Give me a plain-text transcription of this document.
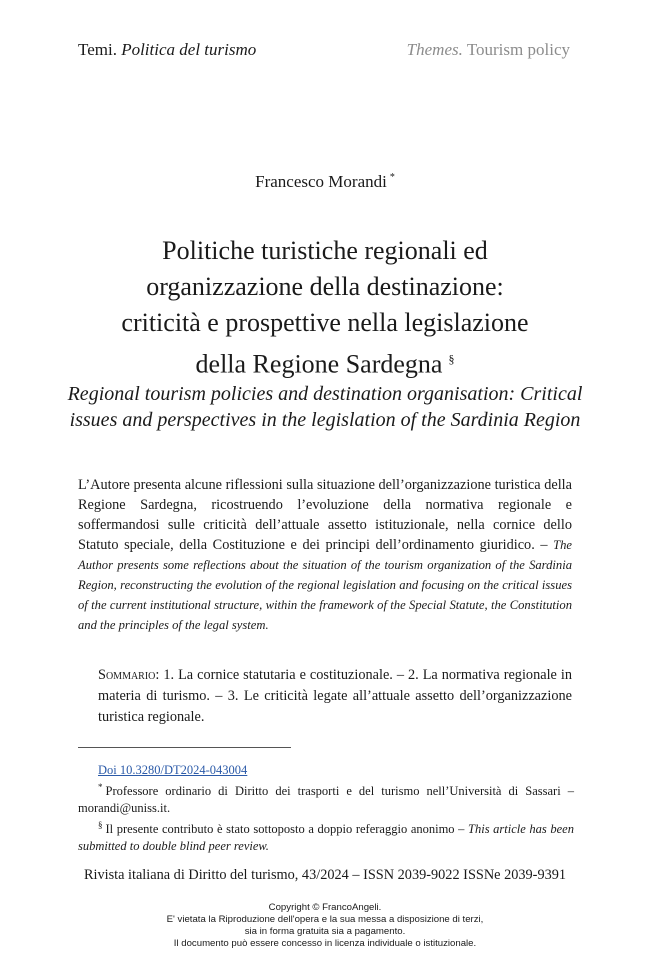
Temi. Politica del turismo	Themes. Tourism policy
Francesco Morandi *
Politiche turistiche regionali ed
organizzazione della destinazione:
criticità e prospettive nella legislazione
della Regione Sardegna §
Regional tourism policies and destination organisation: Critical
issues and perspectives in the legislation of the Sardinia Region
L’Autore presenta alcune riflessioni sulla situazione dell’organizzazione turistica della Regione Sardegna, ricostruendo l’evoluzione della normativa regionale e soffermandosi sulle criticità dell’attuale assetto istituzionale, nella cornice dello Statuto speciale, della Costituzione e dei principi dell’ordinamento giuridico. – The Author presents some reflections about the situation of the tourism organization of the Sardinia Region, reconstructing the evolution of the regional legislation and focusing on the critical issues of the current institutional structure, within the framework of the Special Statute, the Constitution and the principles of the legal system.
Sommario: 1. La cornice statutaria e costituzionale. – 2. La normativa regionale in materia di turismo. – 3. Le criticità legate all’attuale assetto dell’organizzazione turistica regionale.
Doi 10.3280/DT2024-043004

* Professore ordinario di Diritto dei trasporti e del turismo nell’Università di Sassari – morandi@uniss.it.

§ Il presente contributo è stato sottoposto a doppio referaggio anonimo – This article has been submitted to double blind peer review.

Rivista italiana di Diritto del turismo, 43/2024 – ISSN 2039-9022 ISSNe 2039-9391
Copyright © FrancoAngeli.
E' vietata la Riproduzione dell'opera e la sua messa a disposizione di terzi,
sia in forma gratuita sia a pagamento.
Il documento può essere concesso in licenza individuale o istituzionale.
